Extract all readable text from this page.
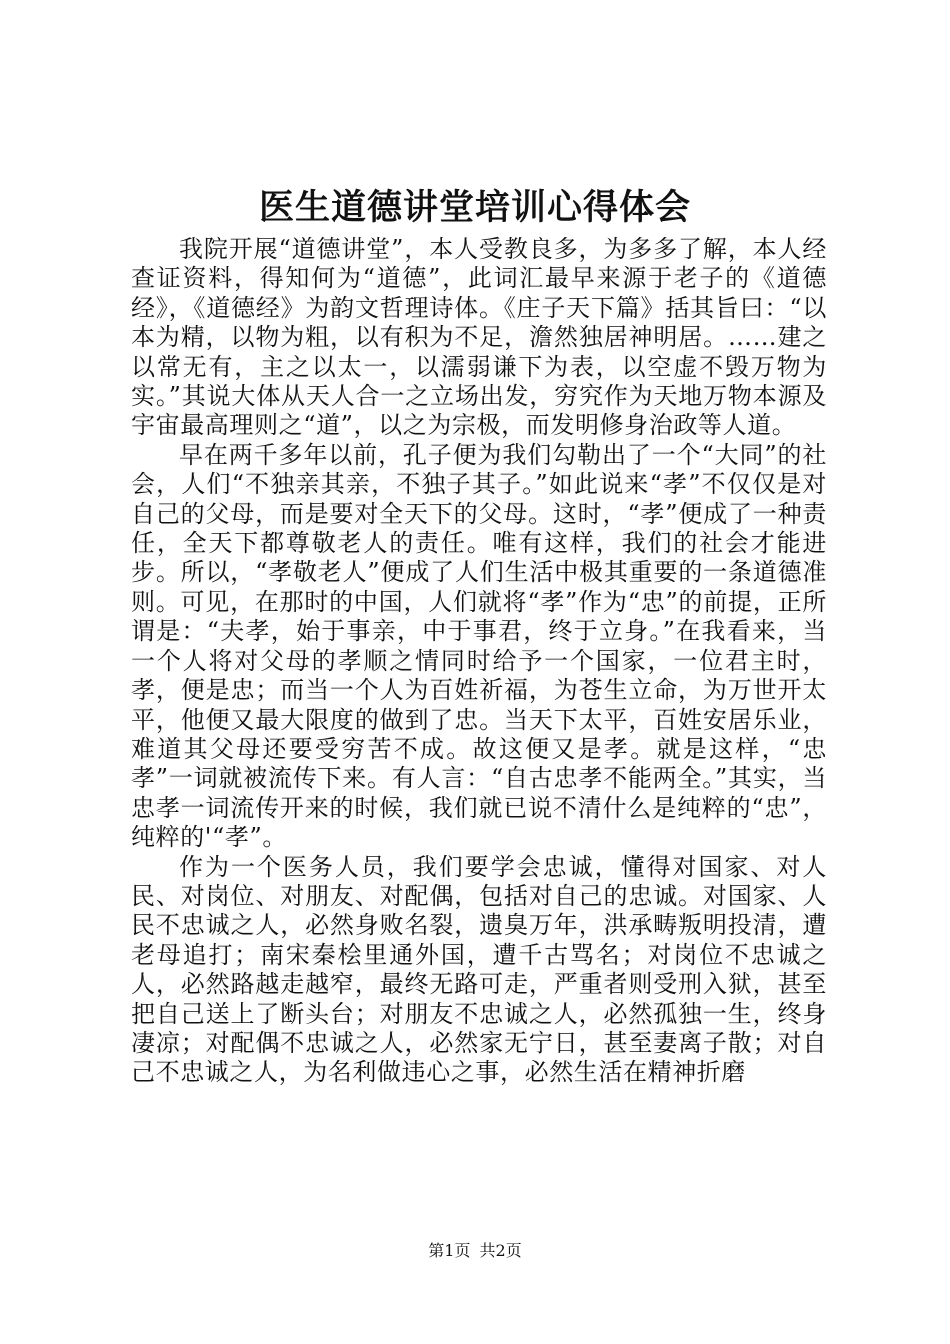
医生道德讲堂培训心得体会

我院开展“道德讲堂”，本人受教良多，为多多了解，本人经查证资料，得知何为“道德”，此词汇最早来源于老子的《道德经》，《道德经》为韵文哲理诗体。《庄子天下篇》括其旨曰：“以本为精，以物为粗，以有积为不足，澹然独居神明居。……建之以常无有，主之以太一，以濡弱谦下为表，以空虚不毁万物为实。”其说大体从天人合一之立场出发，穷究作为天地万物本源及宇宙最高理则之“道”，以之为宗极，而发明修身治政等人道。

早在两千多年以前，孔子便为我们勾勒出了一个“大同”的社会，人们“不独亲其亲，不独子其子。”如此说来“孝”不仅仅是对自己的父母，而是要对全天下的父母。这时，“孝”便成了一种责任，全天下都尊敬老人的责任。唯有这样，我们的社会才能进步。所以，“孝敬老人”便成了人们生活中极其重要的一条道德准则。可见，在那时的中国，人们就将“孝”作为“忠”的前提，正所谓是：“夫孝，始于事亲，中于事君，终于立身。”在我看来，当一个人将对父母的孝顺之情同时给予一个国家，一位君主时，孝，便是忠；而当一个人为百姓祈福，为苍生立命，为万世开太平，他便又最大限度的做到了忠。当天下太平，百姓安居乐业，难道其父母还要受穷苦不成。故这便又是孝。就是这样，“忠孝”一词就被流传下来。有人言：“自古忠孝不能两全。”其实，当忠孝一词流传开来的时候，我们就已说不清什么是纯粹的“忠”，纯粹的'“孝”。

作为一个医务人员，我们要学会忠诚，懂得对国家、对人民、对岗位、对朋友、对配偶，包括对自己的忠诚。对国家、人民不忠诚之人，必然身败名裂，遗臭万年，洪承畴叛明投清，遭老母追打；南宋秦桧里通外国，遭千古骂名；对岗位不忠诚之人，必然路越走越窄，最终无路可走，严重者则受刑入狱，甚至把自己送上了断头台；对朋友不忠诚之人，必然孤独一生，终身凄凉；对配偶不忠诚之人，必然家无宁日，甚至妻离子散；对自己不忠诚之人，为名利做违心之事，必然生活在精神折磨

第1页 共2页
